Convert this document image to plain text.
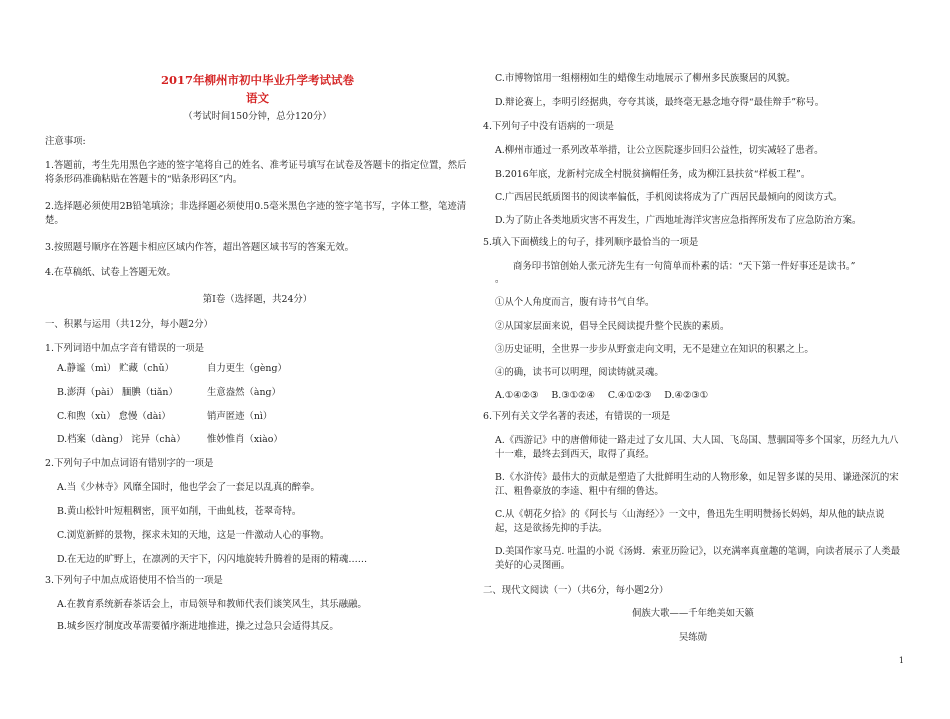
2017年柳州市初中毕业升学考试试卷
语文
（考试时间150分钟，总分120分）
注意事项:
1.答题前，考生先用黑色字迹的签字笔将自己的姓名、准考证号填写在试卷及答题卡的指定位置，然后将条形码准确粘贴在答题卡的“贴条形码区”内。
2.选择题必须使用2B铅笔填涂；非选择题必须使用0.5毫米黑色字迹的签字笔书写，字体工整，笔迹清楚。
3.按照题号顺序在答题卡相应区域内作答，超出答题区域书写的答案无效。
4.在草稿纸、试卷上答题无效。
第Ⅰ卷（选择题，共24分）
一、积累与运用（共12分，每小题2分）
1.下列词语中加点字音有错误的一项是
A.静谧（mì） 贮藏（chǔ）	自力更生（gèng）
B.澎湃（pài） 腼腆（tiǎn）	生意盎然（àng）
C.和煦（xù） 怠慢（dài）	销声匿迹（nì）
D.档案（dàng） 诧异（chà）	惟妙惟肖（xiào）
2.下列句子中加点词语有错别字的一项是
A.当《少林寺》风靡全国时，他也学会了一套足以乱真的醉拳。
B.黄山松针叶短粗稠密，顶平如削，干曲虬枝，苍翠奇特。
C.浏览新鲜的景物，探求未知的天地，这是一件激动人心的事物。
D.在无边的旷野上，在凛冽的天宇下，闪闪地旋转升腾着的是雨的精魂……
3.下列句子中加点成语使用不恰当的一项是
A.在教育系统新春茶话会上，市局领导和教师代表们谈笑风生，其乐融融。
B.城乡医疗制度改革需要循序渐进地推进，操之过急只会适得其反。
C.市博物馆用一组栩栩如生的蜡像生动地展示了柳州多民族聚居的风貌。
D.辩论赛上，李明引经据典，夸夸其谈，最终毫无悬念地夺得“最佳辩手”称号。
4.下列句子中没有语病的一项是
A.柳州市通过一系列改革举措，让公立医院逐步回归公益性，切实减轻了患者。
B.2016年底，龙新村完成全村脱贫摘帽任务，成为柳江县扶贫“样板工程”。
C.广西居民纸质图书的阅读率偏低，手机阅读将成为了广西居民最倾向的阅读方式。
D.为了防止各类地质灾害不再发生，广西地址海洋灾害应急指挥所发布了应急防治方案。
5.填入下面横线上的句子，排列顺序最恰当的一项是
商务印书馆创始人张元济先生有一句简单而朴素的话：“天下第一件好事还是读书。”
。
①从个人角度而言，腹有诗书气自华。
②从国家层面来说，倡导全民阅读提升整个民族的素质。
③历史证明，全世界一步步从野蛮走向文明，无不是建立在知识的积累之上。
④的确，读书可以明理，阅读铸就灵魂。
A.①④②③ B.③①②④ C.④①②③ D.④②③①
6.下列有关文学名著的表述，有错误的一项是
A.《西游记》中的唐僧师徒一路走过了女儿国、大人国、飞岛国、慧骃国等多个国家，历经九九八十一难，最终去到西天，取得了真经。
B.《水浒传》最伟大的贡献是塑造了大批鲜明生动的人物形象，如足智多谋的吴用、谦逊深沉的宋江、粗鲁豪放的李逵、粗中有细的鲁达。
C.从《朝花夕拾》的《阿长与〈山海经〉》一文中，鲁迅先生明明赞扬长妈妈，却从他的缺点说起，这是欲扬先抑的手法。
D.美国作家马克. 吐温的小说《汤姆．索亚历险记》，以充满率真童趣的笔调，向读者展示了人类最美好的心灵图画。
二、现代文阅读（一）（共6分，每小题2分）
侗族大歌——千年绝美如天籁
吴练勋
1
